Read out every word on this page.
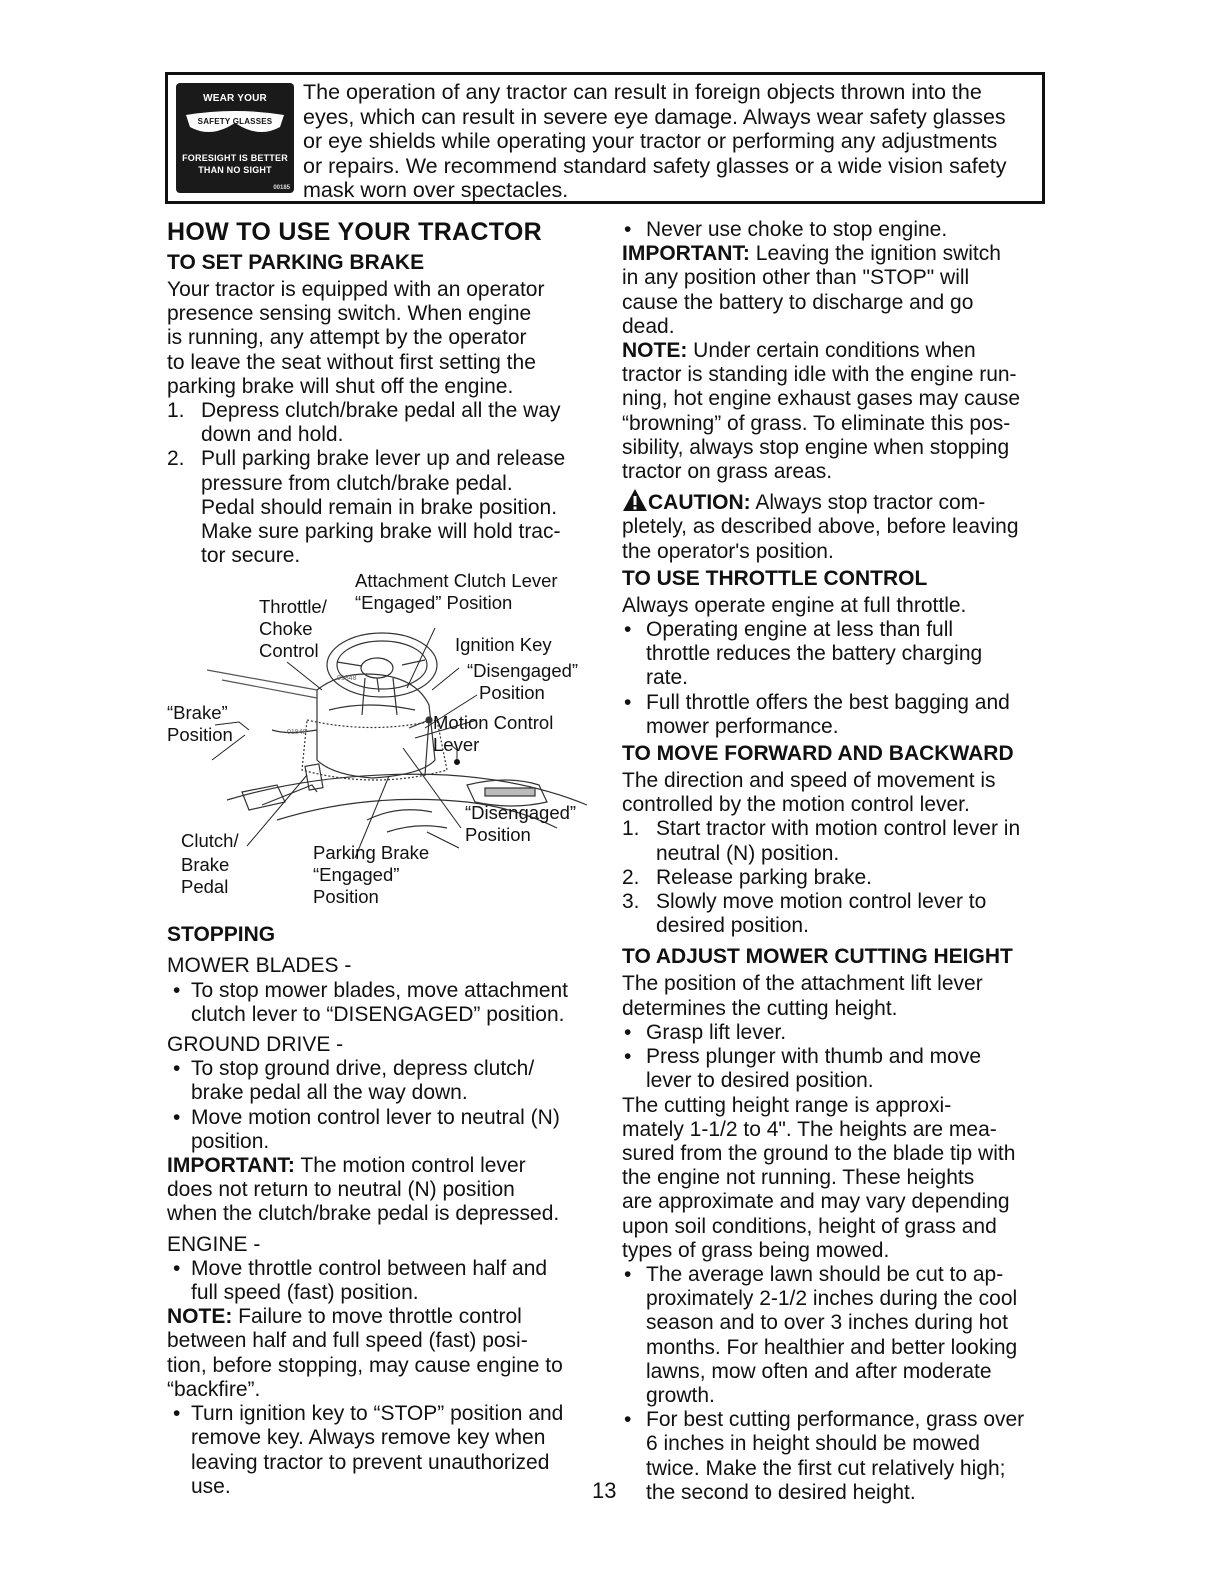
WEAR YOUR
SAFETY GLASSES
FORESIGHT IS BETTER
THAN NO SIGHT
00185
The operation of any tractor can result in foreign objects thrown into the
eyes, which can result in severe eye damage. Always wear safety glasses
or eye shields while operating your tractor or performing any adjustments
or repairs. We recommend standard safety glasses or a wide vision safety
mask worn over spectacles.
HOW TO USE YOUR TRACTOR
TO SET PARKING BRAKE
Your tractor is equipped with an operator
presence sensing switch. When engine
is running, any attempt by the operator
to leave the seat without first setting the
parking brake will shut off the engine.
1. Depress clutch/brake pedal all the way
down and hold.
2. Pull parking brake lever up and release
pressure from clutch/brake pedal.
Pedal should remain in brake position.
Make sure parking brake will hold trac-
tor secure.
Attachment Clutch Lever
“Engaged” Position
Throttle/
Choke
Control	Ignition Key
“Disengaged”
Position
“Brake”
Position
Motion Control
Lever
“Disengaged”
Position
Clutch/
Brake
Pedal
Parking Brake
“Engaged”
Position
01848
01848
STOPPING
MOWER BLADES -
• To stop mower blades, move attachment
clutch lever to “DISENGAGED” position.
GROUND DRIVE -
• To stop ground drive, depress clutch/
brake pedal all the way down.
• Move motion control lever to neutral (N)
position.
IMPORTANT: The motion control lever
does not return to neutral (N) position
when the clutch/brake pedal is depressed.
ENGINE -
• Move throttle control between half and
full speed (fast) position.
NOTE: Failure to move throttle control
between half and full speed (fast) posi-
tion, before stopping, may cause engine to
“backfire”.
• Turn ignition key to “STOP” position and
remove key. Always remove key when
leaving tractor to prevent unauthorized
use.
• Never use choke to stop engine.
IMPORTANT: Leaving the ignition switch
in any position other than "STOP" will
cause the battery to discharge and go
dead.
NOTE: Under certain conditions when
tractor is standing idle with the engine run-
ning, hot engine exhaust gases may cause
“browning” of grass. To eliminate this pos-
sibility, always stop engine when stopping
tractor on grass areas.
CAUTION: Always stop tractor com-
pletely, as described above, before leaving
the operator's position.
TO USE THROTTLE CONTROL
Always operate engine at full throttle.
• Operating engine at less than full
throttle reduces the battery charging
rate.
• Full throttle offers the best bagging and
mower performance.
TO MOVE FORWARD AND BACKWARD
The direction and speed of movement is
controlled by the motion control lever.
1. Start tractor with motion control lever in
neutral (N) position.
2. Release parking brake.
3. Slowly move motion control lever to
desired position.
TO ADJUST MOWER CUTTING HEIGHT
The position of the attachment lift lever
determines the cutting height.
• Grasp lift lever.
• Press plunger with thumb and move
lever to desired position.
The cutting height range is approxi-
mately 1-1/2 to 4". The heights are mea-
sured from the ground to the blade tip with
the engine not running. These heights
are approximate and may vary depending
upon soil conditions, height of grass and
types of grass being mowed.
• The average lawn should be cut to ap-
proximately 2-1/2 inches during the cool
season and to over 3 inches during hot
months. For healthier and better looking
lawns, mow often and after moderate
growth.
• For best cutting performance, grass over
6 inches in height should be mowed
twice. Make the first cut relatively high;
the second to desired height.
13
